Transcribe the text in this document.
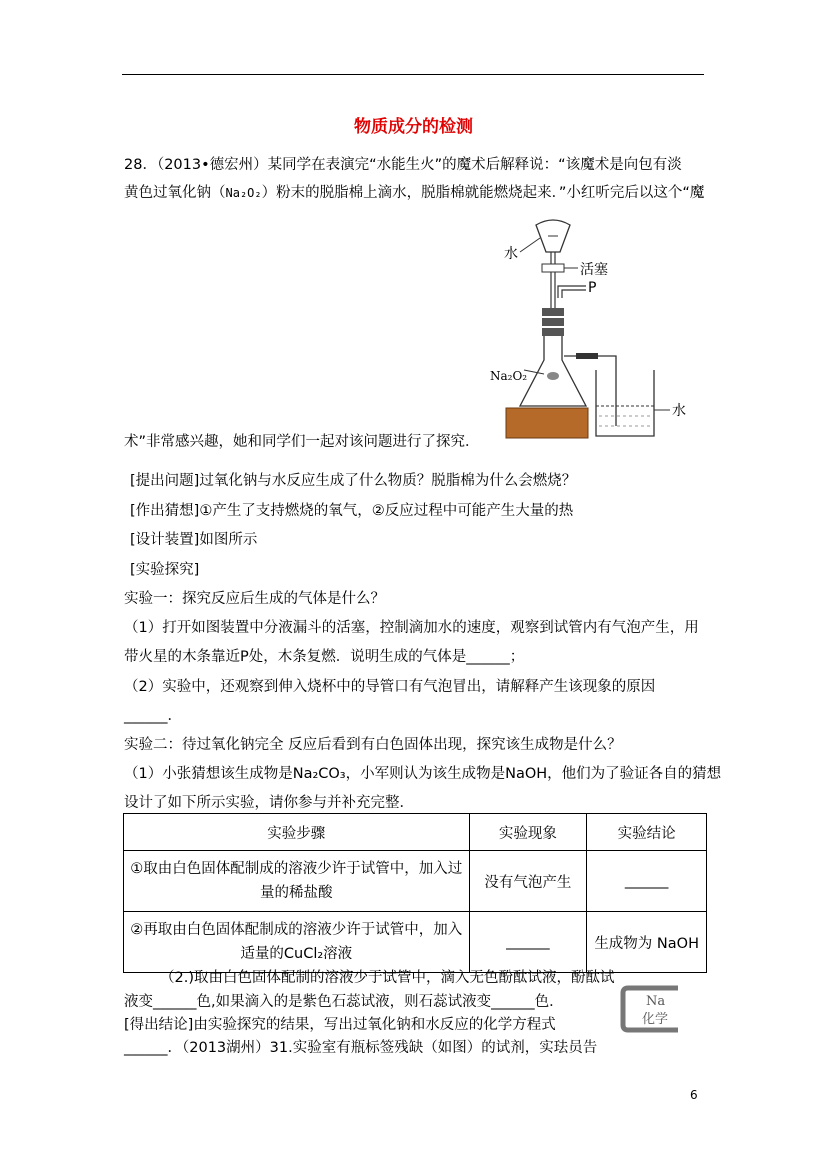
物质成分的检测
28．（2013•德宏州）某同学在表演完“水能生火”的魔术后解释说：“该魔术是向包有淡
黄色过氧化钠（Na₂O₂）粉末的脱脂棉上滴水，脱脂棉就能燃烧起来．”小红听完后以这个“魔
水
活塞
P
Na₂O₂
水
术”非常感兴趣，她和同学们一起对该问题进行了探究．
[提出问题]过氧化钠与水反应生成了什么物质？脱脂棉为什么会燃烧？
[作出猜想]①产生了支持燃烧的氧气，②反应过程中可能产生大量的热
[设计装置]如图所示
[实验探究]
实验一：探究反应后生成的气体是什么？
（1）打开如图装置中分液漏斗的活塞，控制滴加水的速度，观察到试管内有气泡产生，用
带火星的木条靠近P处，木条复燃．说明生成的气体是______；
（2）实验中，还观察到伸入烧杯中的导管口有气泡冒出，请解释产生该现象的原因
______．
实验二：待过氧化钠完全 反应后看到有白色固体出现，探究该生成物是什么？
（1）小张猜想该生成物是Na₂CO₃，小军则认为该生成物是NaOH，他们为了验证各自的猜想
设计了如下所示实验，请你参与并补充完整．
实验步骤	实验现象	实验结论

①取由白色固体配制成的溶液少许于试管中，加入过
量的稀盐酸	没有气泡产生	______

②再取由白色固体配制成的溶液少许于试管中，加入
适量的CuCl₂溶液	______	生成物为 NaOH
（2.)取由白色固体配制的溶液少于试管中，滴入无色酚酞试液，酚酞试
液变______色,如果滴入的是紫色石蕊试液，则石蕊试液变______色．
[得出结论]由实验探究的结果，写出过氧化钠和水反应的化学方程式
______．（2013湖州）31.实验室有瓶标签残缺（如图）的试剂，实珐员告
Na
化学
6
